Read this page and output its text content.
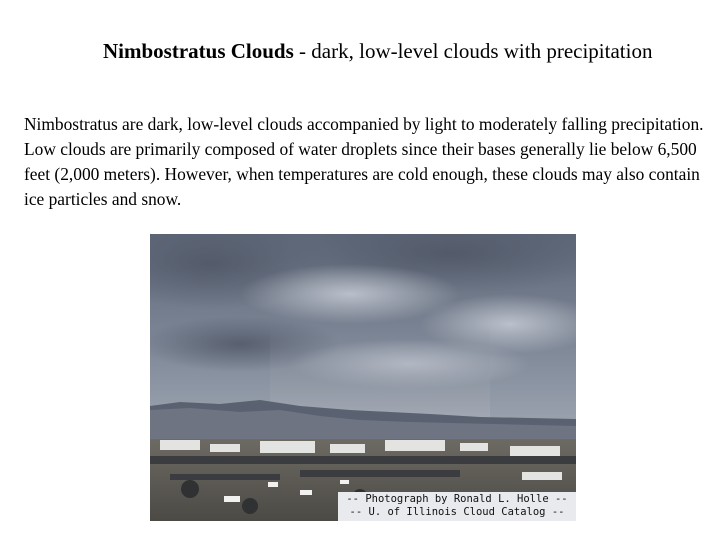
Nimbostratus Clouds - dark, low-level clouds with precipitation
Nimbostratus are dark, low-level clouds accompanied by light to moderately falling precipitation. Low clouds are primarily composed of water droplets since their bases generally lie below 6,500 feet (2,000 meters). However, when temperatures are cold enough, these clouds may also contain ice particles and snow.
-- Photograph by Ronald L. Holle --
-- U. of Illinois Cloud Catalog --
